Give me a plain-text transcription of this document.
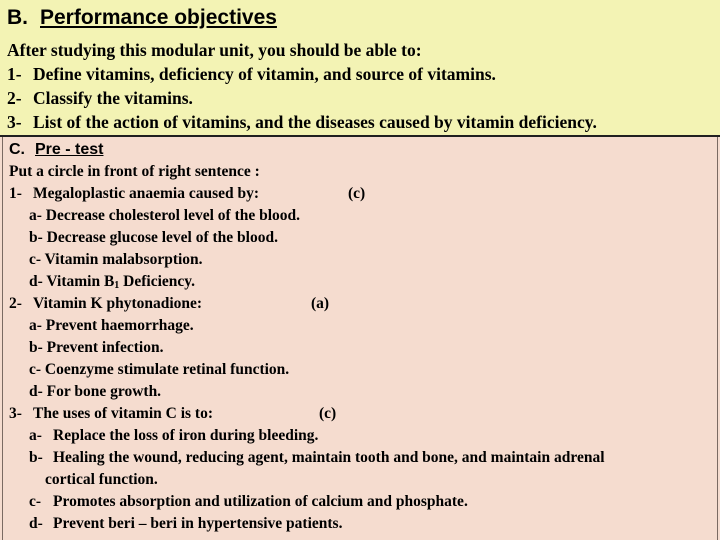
B. Performance objectives
After studying this modular unit, you should be able to:
1- Define vitamins, deficiency of vitamin, and source of vitamins.
2- Classify the vitamins.
3- List of the action of vitamins, and the diseases caused by vitamin deficiency.
C. Pre - test
Put a circle in front of right sentence :
1- Megaloplastic anaemia caused by:	(c)
a- Decrease cholesterol level of the blood.
b- Decrease glucose level of the blood.
c- Vitamin malabsorption.
d- Vitamin $B_1$ Deficiency.
2- Vitamin K phytonadione:	(a)
a- Prevent haemorrhage.
b- Prevent infection.
c- Coenzyme stimulate retinal function.
d- For bone growth.
3- The uses of vitamin C is to:	(c)
a- Replace the loss of iron during bleeding.
b- Healing the wound, reducing agent, maintain tooth and bone, and maintain adrenal
cortical function.
c- Promotes absorption and utilization of calcium and phosphate.
d- Prevent beri – beri in hypertensive patients.
